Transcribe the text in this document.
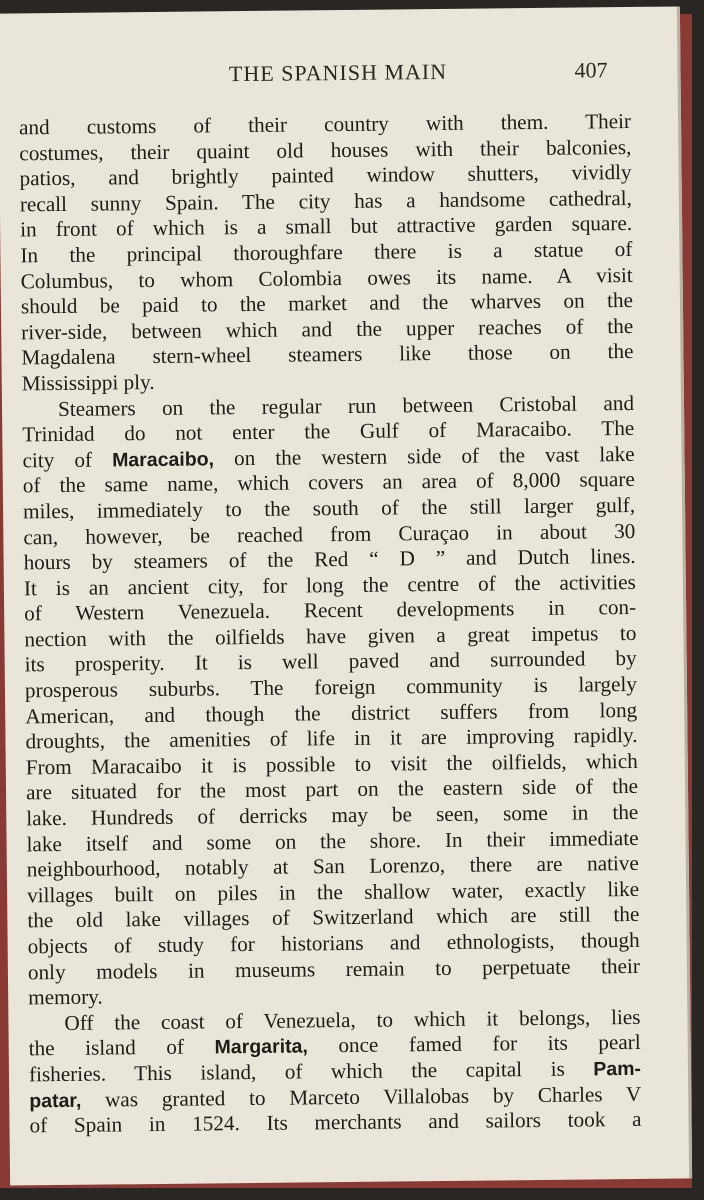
THE SPANISH MAIN	407
and customs of their country with them. Their
costumes, their quaint old houses with their balconies,
patios, and brightly painted window shutters, vividly
recall sunny Spain. The city has a handsome cathedral,
in front of which is a small but attractive garden square.
In the principal thoroughfare there is a statue of
Columbus, to whom Colombia owes its name. A visit
should be paid to the market and the wharves on the
river-side, between which and the upper reaches of the
Magdalena stern-wheel steamers like those on the
Mississippi ply.
Steamers on the regular run between Cristobal and
Trinidad do not enter the Gulf of Maracaibo. The
city of Maracaibo, on the western side of the vast lake
of the same name, which covers an area of 8,000 square
miles, immediately to the south of the still larger gulf,
can, however, be reached from Curaçao in about 30
hours by steamers of the Red “ D ” and Dutch lines.
It is an ancient city, for long the centre of the activities
of Western Venezuela. Recent developments in con-
nection with the oilfields have given a great impetus to
its prosperity. It is well paved and surrounded by
prosperous suburbs. The foreign community is largely
American, and though the district suffers from long
droughts, the amenities of life in it are improving rapidly.
From Maracaibo it is possible to visit the oilfields, which
are situated for the most part on the eastern side of the
lake. Hundreds of derricks may be seen, some in the
lake itself and some on the shore. In their immediate
neighbourhood, notably at San Lorenzo, there are native
villages built on piles in the shallow water, exactly like
the old lake villages of Switzerland which are still the
objects of study for historians and ethnologists, though
only models in museums remain to perpetuate their
memory.
Off the coast of Venezuela, to which it belongs, lies
the island of Margarita, once famed for its pearl
fisheries. This island, of which the capital is Pam-
patar, was granted to Marceto Villalobas by Charles V
of Spain in 1524. Its merchants and sailors took a
